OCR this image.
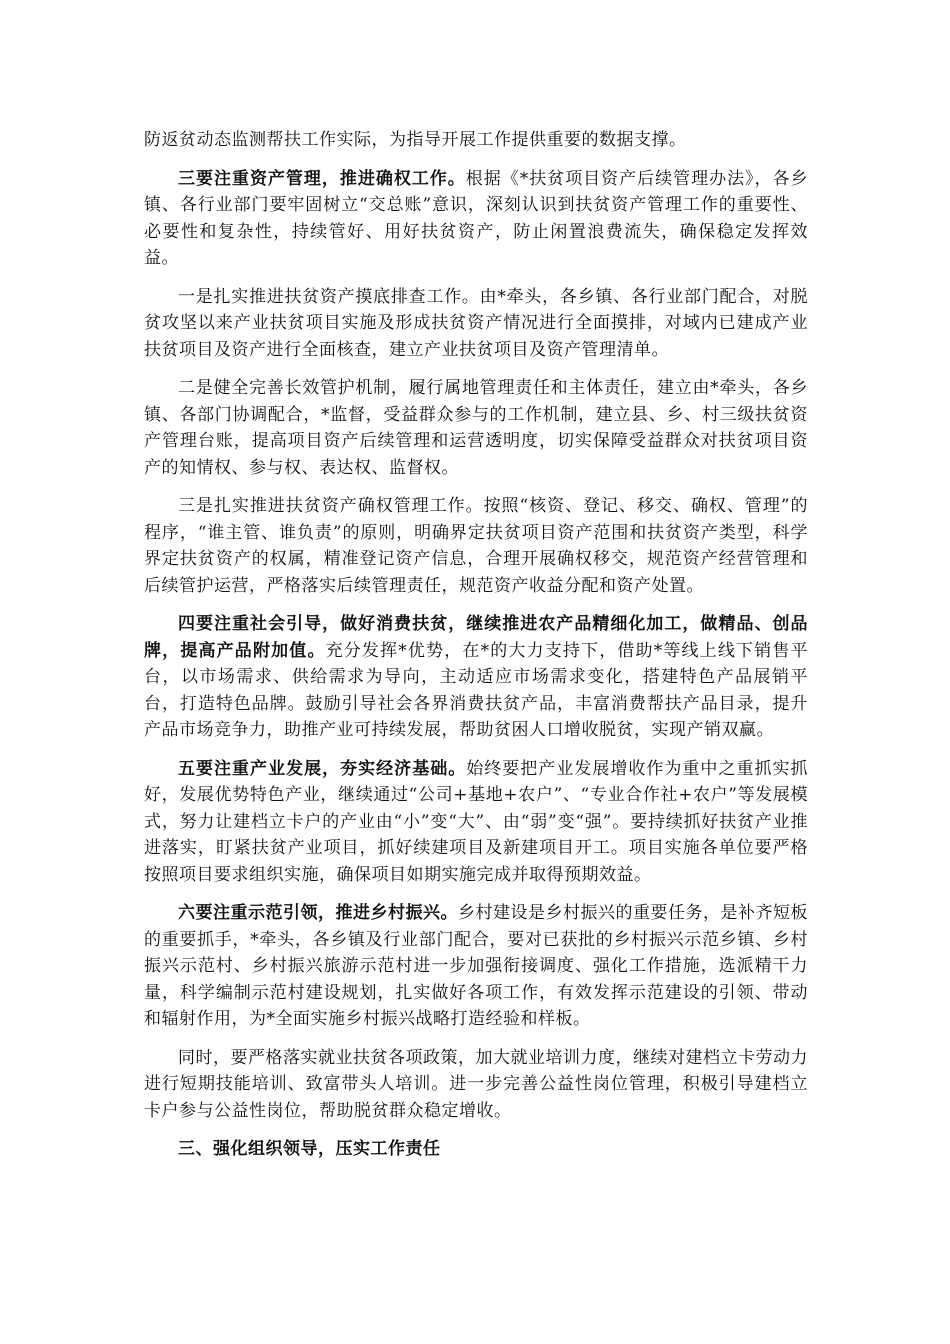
防返贫动态监测帮扶工作实际，为指导开展工作提供重要的数据支撑。

三要注重资产管理，推进确权工作。根据《*扶贫项目资产后续管理办法》，各乡镇、各行业部门要牢固树立“交总账”意识，深刻认识到扶贫资产管理工作的重要性、必要性和复杂性，持续管好、用好扶贫资产，防止闲置浪费流失，确保稳定发挥效益。

一是扎实推进扶贫资产摸底排查工作。由*牵头，各乡镇、各行业部门配合，对脱贫攻坚以来产业扶贫项目实施及形成扶贫资产情况进行全面摸排，对域内已建成产业扶贫项目及资产进行全面核查，建立产业扶贫项目及资产管理清单。

二是健全完善长效管护机制，履行属地管理责任和主体责任，建立由*牵头，各乡镇、各部门协调配合，*监督，受益群众参与的工作机制，建立县、乡、村三级扶贫资产管理台账，提高项目资产后续管理和运营透明度，切实保障受益群众对扶贫项目资产的知情权、参与权、表达权、监督权。

三是扎实推进扶贫资产确权管理工作。按照“核资、登记、移交、确权、管理”的程序，“谁主管、谁负责”的原则，明确界定扶贫项目资产范围和扶贫资产类型，科学界定扶贫资产的权属，精准登记资产信息，合理开展确权移交，规范资产经营管理和后续管护运营，严格落实后续管理责任，规范资产收益分配和资产处置。

四要注重社会引导，做好消费扶贫，继续推进农产品精细化加工，做精品、创品牌，提高产品附加值。充分发挥*优势，在*的大力支持下，借助*等线上线下销售平台，以市场需求、供给需求为导向，主动适应市场需求变化，搭建特色产品展销平台，打造特色品牌。鼓励引导社会各界消费扶贫产品，丰富消费帮扶产品目录，提升产品市场竞争力，助推产业可持续发展，帮助贫困人口增收脱贫，实现产销双赢。

五要注重产业发展，夯实经济基础。始终要把产业发展增收作为重中之重抓实抓好，发展优势特色产业，继续通过“公司+基地+农户”、“专业合作社+农户”等发展模式，努力让建档立卡户的产业由“小”变“大”、由“弱”变“强”。要持续抓好扶贫产业推进落实，盯紧扶贫产业项目，抓好续建项目及新建项目开工。项目实施各单位要严格按照项目要求组织实施，确保项目如期实施完成并取得预期效益。

六要注重示范引领，推进乡村振兴。乡村建设是乡村振兴的重要任务，是补齐短板的重要抓手，*牵头，各乡镇及行业部门配合，要对已获批的乡村振兴示范乡镇、乡村振兴示范村、乡村振兴旅游示范村进一步加强衔接调度、强化工作措施，选派精干力量，科学编制示范村建设规划，扎实做好各项工作，有效发挥示范建设的引领、带动和辐射作用，为*全面实施乡村振兴战略打造经验和样板。

同时，要严格落实就业扶贫各项政策，加大就业培训力度，继续对建档立卡劳动力进行短期技能培训、致富带头人培训。进一步完善公益性岗位管理，积极引导建档立卡户参与公益性岗位，帮助脱贫群众稳定增收。

三、强化组织领导，压实工作责任
